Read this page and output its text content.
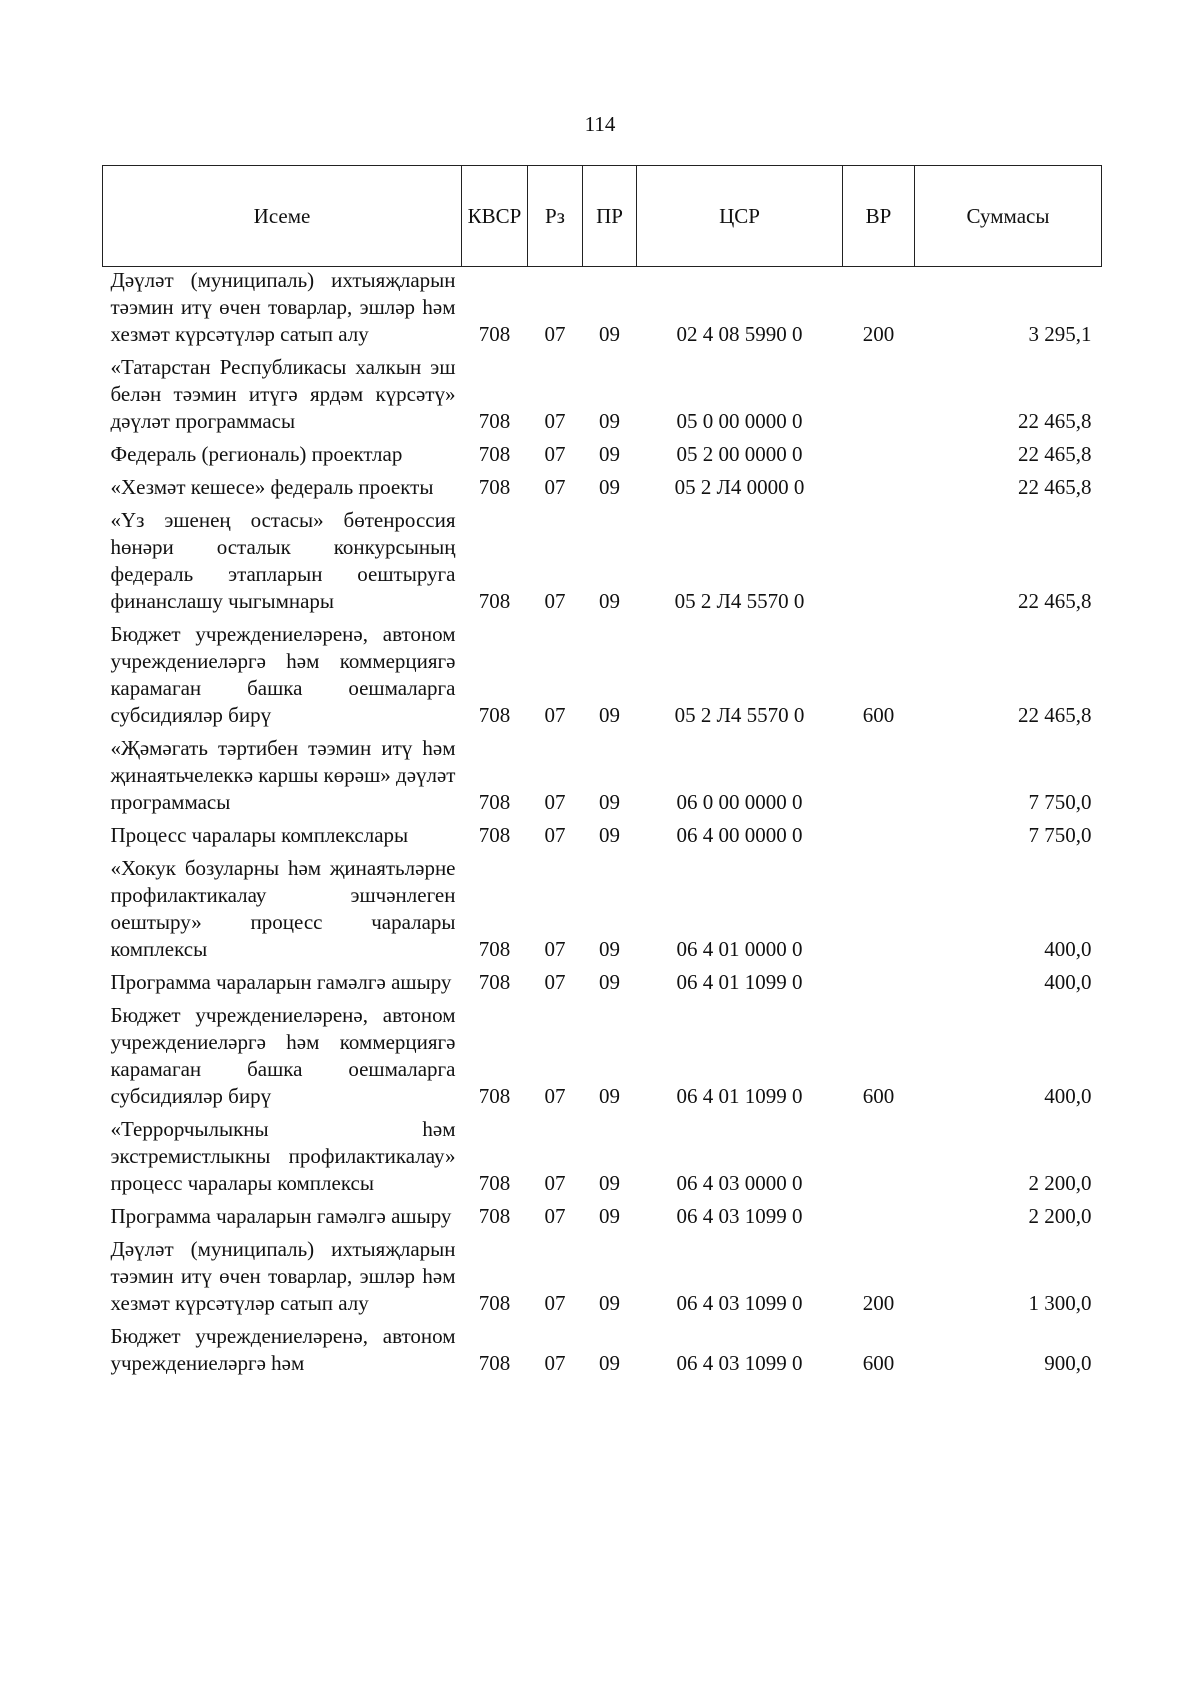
114
Исеме	КВСР	Рз	ПР	ЦСР	ВР	Суммасы
Дәүләт (муниципаль) ихтыяҗларын тәэмин итү өчен товарлар, эшләр һәм хезмәт күрсәтүләр сатып алу	708	07	09	02 4 08 5990 0	200	3 295,1
«Татарстан Республикасы халкын эш белән тәэмин итүгә ярдәм күрсәтү» дәүләт программасы	708	07	09	05 0 00 0000 0		22 465,8
Федераль (региональ) проектлар	708	07	09	05 2 00 0000 0		22 465,8
«Хезмәт кешесе» федераль проекты	708	07	09	05 2 Л4 0000 0		22 465,8
«Үз эшенең остасы» бөтенроссия һөнәри осталык конкурсының федераль этапларын оештыруга финанслашу чыгымнары	708	07	09	05 2 Л4 5570 0		22 465,8
Бюджет учреждениеләренә, автоном учреждениеләргә һәм коммерциягә карамаган башка оешмаларга субсидияләр бирү	708	07	09	05 2 Л4 5570 0	600	22 465,8
«Җәмәгать тәртибен тәэмин итү һәм җинаятьчелеккә каршы көрәш» дәүләт программасы	708	07	09	06 0 00 0000 0		7 750,0
Процесс чаралары комплекслары	708	07	09	06 4 00 0000 0		7 750,0
«Хокук бозуларны һәм җинаятьләрне профилактикалау эшчәнлеген оештыру» процесс чаралары комплексы	708	07	09	06 4 01 0000 0		400,0
Программа чараларын гамәлгә ашыру	708	07	09	06 4 01 1099 0		400,0
Бюджет учреждениеләренә, автоном учреждениеләргә һәм коммерциягә карамаган башка оешмаларга субсидияләр бирү	708	07	09	06 4 01 1099 0	600	400,0
«Террорчылыкны һәм экстремистлыкны профилактикалау» процесс чаралары комплексы	708	07	09	06 4 03 0000 0		2 200,0
Программа чараларын гамәлгә ашыру	708	07	09	06 4 03 1099 0		2 200,0
Дәүләт (муниципаль) ихтыяҗларын тәэмин итү өчен товарлар, эшләр һәм хезмәт күрсәтүләр сатып алу	708	07	09	06 4 03 1099 0	200	1 300,0
Бюджет учреждениеләренә, автоном учреждениеләргә һәм	708	07	09	06 4 03 1099 0	600	900,0
